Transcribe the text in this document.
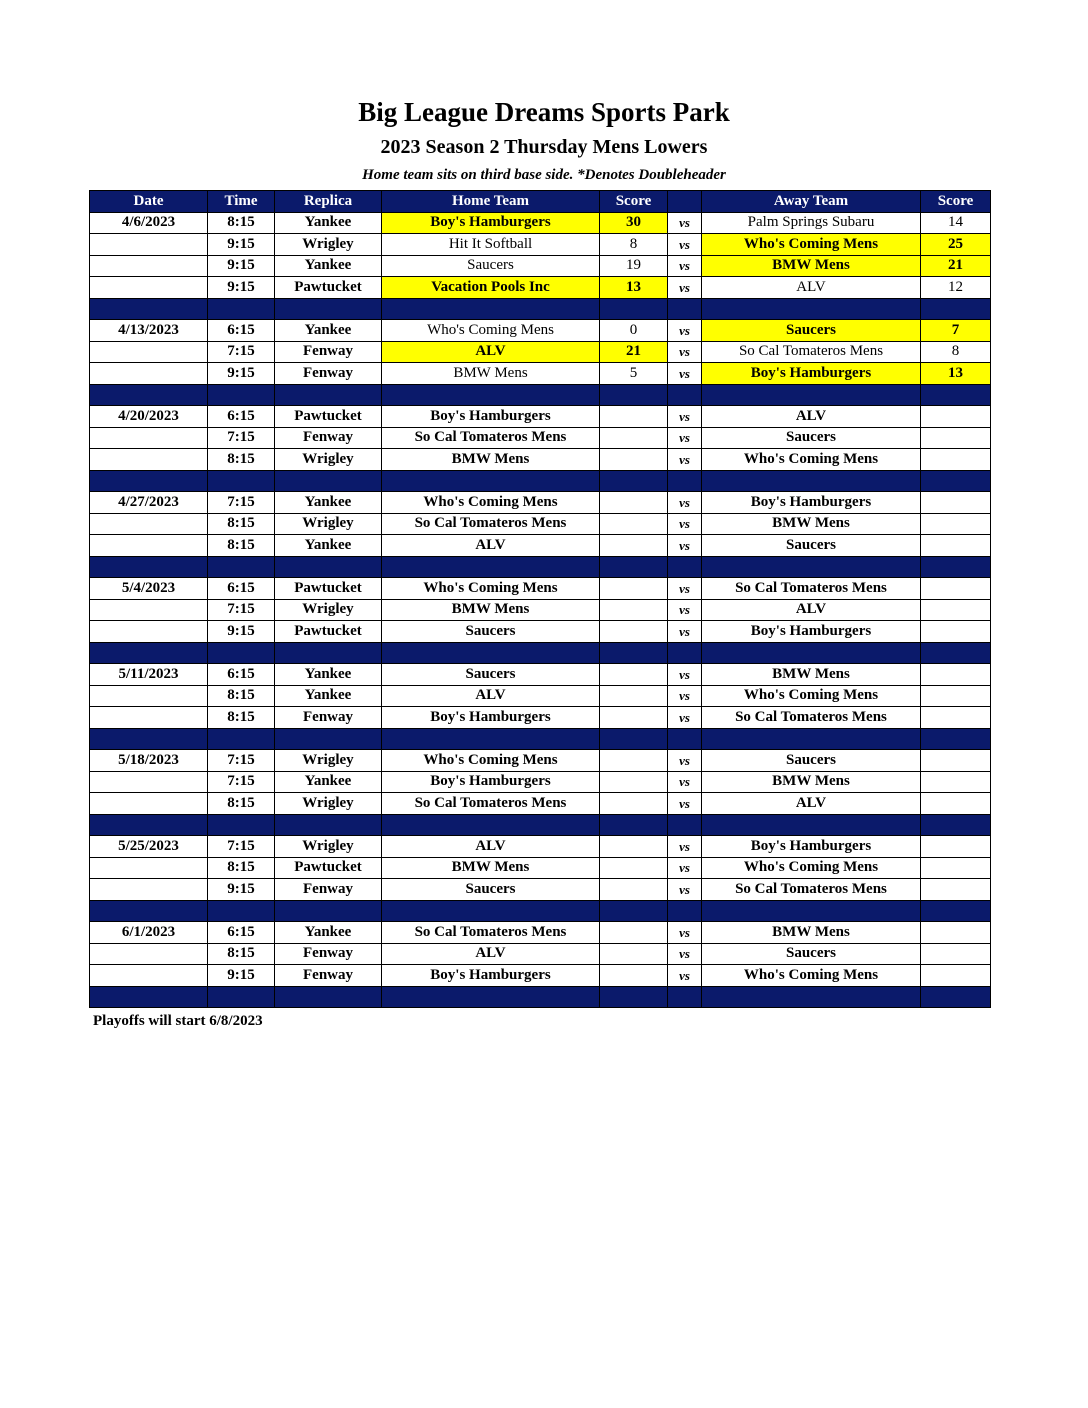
Big League Dreams Sports Park
2023 Season 2 Thursday Mens Lowers
Home team sits on third base side. *Denotes Doubleheader
Date	Time	Replica	Home Team	Score		Away Team	Score
4/6/2023	8:15	Yankee	Boy's Hamburgers	30	vs	Palm Springs Subaru	14
	9:15	Wrigley	Hit It Softball	8	vs	Who's Coming Mens	25
	9:15	Yankee	Saucers	19	vs	BMW Mens	21
	9:15	Pawtucket	Vacation Pools Inc	13	vs	ALV	12

4/13/2023	6:15	Yankee	Who's Coming Mens	0	vs	Saucers	7
	7:15	Fenway	ALV	21	vs	So Cal Tomateros Mens	8
	9:15	Fenway	BMW Mens	5	vs	Boy's Hamburgers	13

4/20/2023	6:15	Pawtucket	Boy's Hamburgers		vs	ALV	
	7:15	Fenway	So Cal Tomateros Mens		vs	Saucers	
	8:15	Wrigley	BMW Mens		vs	Who's Coming Mens	

4/27/2023	7:15	Yankee	Who's Coming Mens		vs	Boy's Hamburgers	
	8:15	Wrigley	So Cal Tomateros Mens		vs	BMW Mens	
	8:15	Yankee	ALV		vs	Saucers	

5/4/2023	6:15	Pawtucket	Who's Coming Mens		vs	So Cal Tomateros Mens	
	7:15	Wrigley	BMW Mens		vs	ALV	
	9:15	Pawtucket	Saucers		vs	Boy's Hamburgers	

5/11/2023	6:15	Yankee	Saucers		vs	BMW Mens	
	8:15	Yankee	ALV		vs	Who's Coming Mens	
	8:15	Fenway	Boy's Hamburgers		vs	So Cal Tomateros Mens	

5/18/2023	7:15	Wrigley	Who's Coming Mens		vs	Saucers	
	7:15	Yankee	Boy's Hamburgers		vs	BMW Mens	
	8:15	Wrigley	So Cal Tomateros Mens		vs	ALV	

5/25/2023	7:15	Wrigley	ALV		vs	Boy's Hamburgers	
	8:15	Pawtucket	BMW Mens		vs	Who's Coming Mens	
	9:15	Fenway	Saucers		vs	So Cal Tomateros Mens	

6/1/2023	6:15	Yankee	So Cal Tomateros Mens		vs	BMW Mens	
	8:15	Fenway	ALV		vs	Saucers	
	9:15	Fenway	Boy's Hamburgers		vs	Who's Coming Mens	

Playoffs will start 6/8/2023
